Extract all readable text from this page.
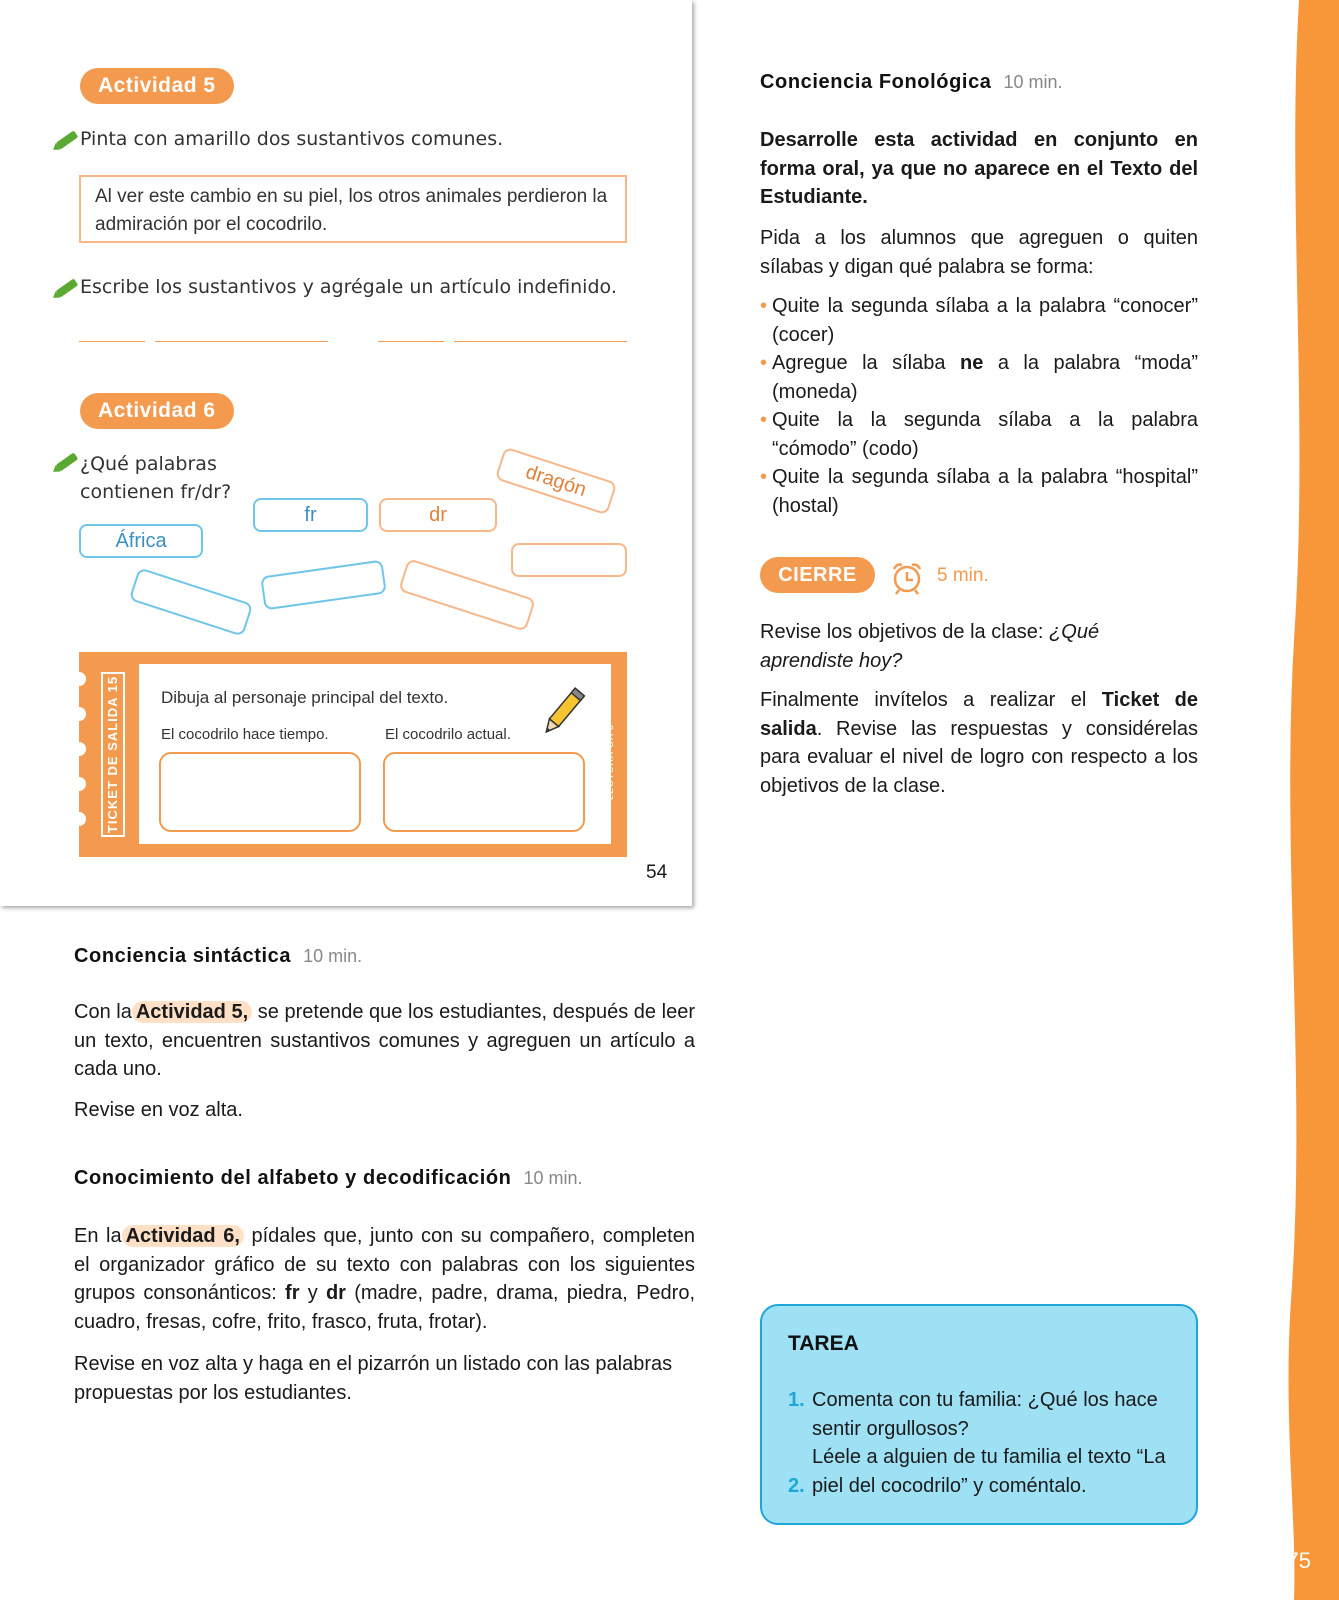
75
Actividad 5
Pinta con amarillo dos sustantivos comunes.
Al ver este cambio en su piel, los otros animales perdieron la admiración por el cocodrilo.
Escribe los sustantivos y agrégale un artículo indefinido.
Actividad 6
¿Qué palabras contienen fr/dr?	dragón
fr	dr
África
TICKET DE SALIDA 15 Dibuja al personaje principal del texto.
El cocodrilo hace tiempo.	El cocodrilo actual.	LECTURA OA 3
54
Conciencia Fonológica 10 min.
Desarrolle esta actividad en conjunto en forma oral, ya que no aparece en el Texto del Estudiante.
Pida a los alumnos que agreguen o quiten sílabas y digan qué palabra se forma:
• Quite la segunda sílaba a la palabra “conocer” (cocer)
• Agregue la sílaba ne a la palabra “moda” (moneda)
• Quite la la segunda sílaba a la palabra “cómodo” (codo)
• Quite la segunda sílaba a la palabra “hospital” (hostal)
CIERRE	5 min.
Revise los objetivos de la clase: ¿Qué aprendiste hoy?
Finalmente invítelos a realizar el Ticket de salida. Revise las respuestas y considérelas para evaluar el nivel de logro con respecto a los objetivos de la clase.
Conciencia sintáctica 10 min.
Con la Actividad 5, se pretende que los estudiantes, después de leer un texto, encuentren sustantivos comunes y agreguen un artículo a cada uno.
Revise en voz alta.
Conocimiento del alfabeto y decodificación 10 min.
En la Actividad 6, pídales que, junto con su compañero, completen el organizador gráfico de su texto con palabras con los siguientes grupos consonánticos: fr y dr (madre, padre, drama, piedra, Pedro, cuadro, fresas, cofre, frito, frasco, fruta, frotar).
Revise en voz alta y haga en el pizarrón un listado con las palabras propuestas por los estudiantes.
TAREA
1. Comenta con tu familia: ¿Qué los hace sentir orgullosos?
2.Léele a alguien de tu familia el texto “La piel del cocodrilo” y coméntalo.
